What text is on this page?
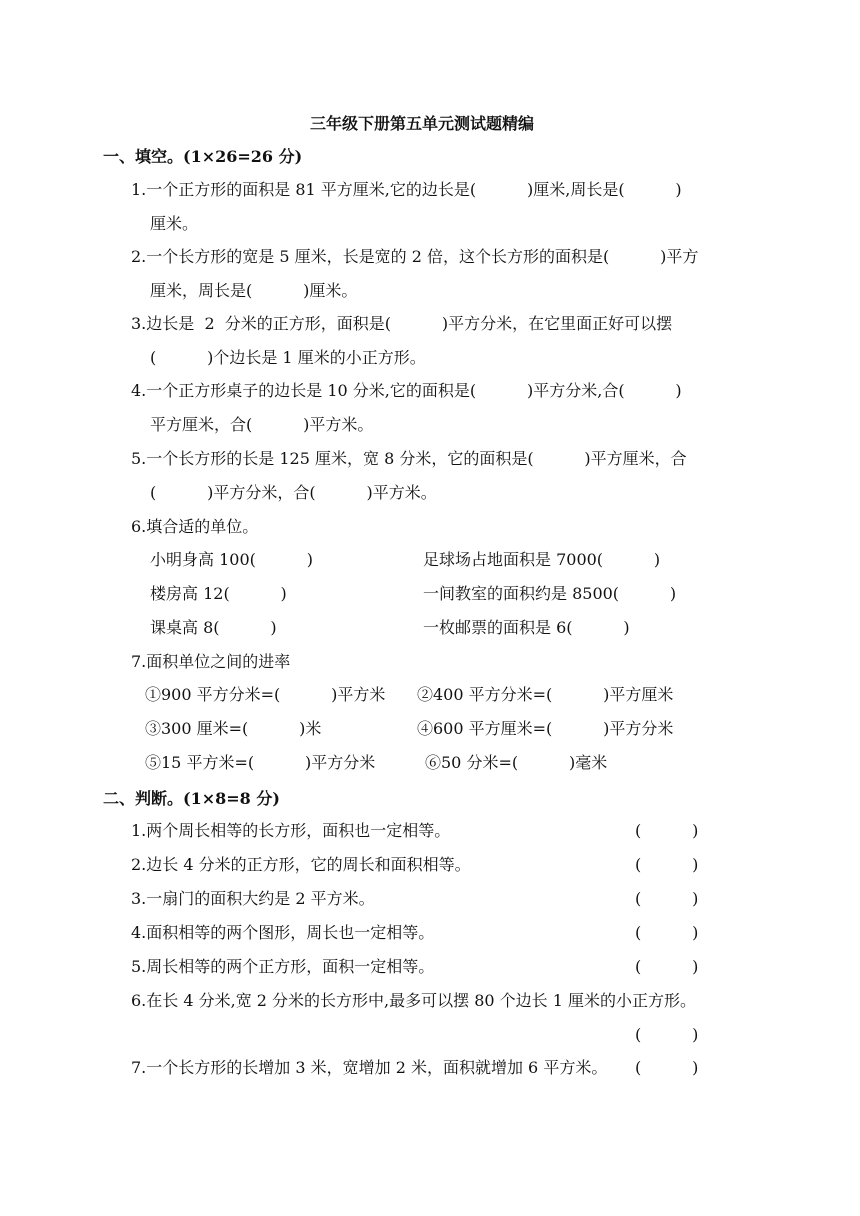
三年级下册第五单元测试题精编
一、填空。(1×26=26 分)
1.一个正方形的面积是 81 平方厘米,它的边长是(          )厘米,周长是(          )
厘米。
2.一个长方形的宽是 5 厘米，长是宽的 2 倍，这个长方形的面积是(          )平方
厘米，周长是(          )厘米。
3.边长是  2  分米的正方形，面积是(          )平方分米，在它里面正好可以摆
(          )个边长是 1 厘米的小正方形。
4.一个正方形桌子的边长是 10 分米,它的面积是(          )平方分米,合(          )
平方厘米，合(          )平方米。
5.一个长方形的长是 125 厘米，宽 8 分米，它的面积是(          )平方厘米，合
(          )平方分米，合(          )平方米。
6.填合适的单位。
小明身高 100(          )	足球场占地面积是 7000(          )
楼房高 12(          )	一间教室的面积约是 8500(          )
课桌高 8(          )	一枚邮票的面积是 6(          )
7.面积单位之间的进率
①900 平方分米=(          )平方米 ②400 平方分米=(          )平方厘米
③300 厘米=(          )米	④600 平方厘米=(          )平方分米
⑤15 平方米=(          )平方分米	⑥50 分米=(          )毫米
二、判断。(1×8=8 分)
1.两个周长相等的长方形，面积也一定相等。	(          )
2.边长 4 分米的正方形，它的周长和面积相等。	(          )
3.一扇门的面积大约是 2 平方米。	(          )
4.面积相等的两个图形，周长也一定相等。	(          )
5.周长相等的两个正方形，面积一定相等。	(          )
6.在长 4 分米,宽 2 分米的长方形中,最多可以摆 80 个边长 1 厘米的小正方形。
(          )
7.一个长方形的长增加 3 米，宽增加 2 米，面积就增加 6 平方米。 (          )
